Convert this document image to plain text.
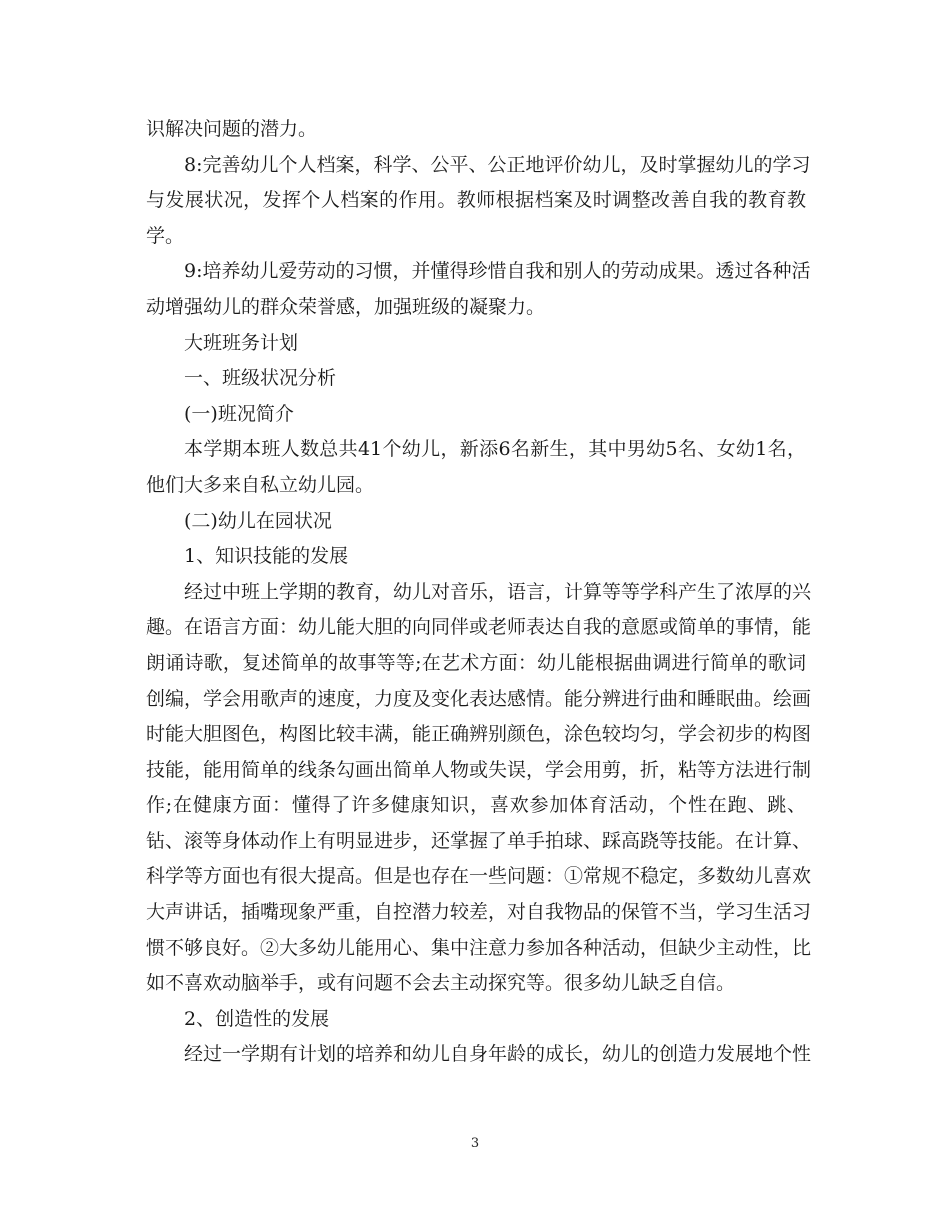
识解决问题的潜力。
8:完善幼儿个人档案，科学、公平、公正地评价幼儿，及时掌握幼儿的学习
与发展状况，发挥个人档案的作用。教师根据档案及时调整改善自我的教育教
学。
9:培养幼儿爱劳动的习惯，并懂得珍惜自我和别人的劳动成果。透过各种活
动增强幼儿的群众荣誉感，加强班级的凝聚力。
大班班务计划
一、班级状况分析
(一)班况简介
本学期本班人数总共41个幼儿，新添6名新生，其中男幼5名、女幼1名，
他们大多来自私立幼儿园。
(二)幼儿在园状况
1、知识技能的发展
经过中班上学期的教育，幼儿对音乐，语言，计算等等学科产生了浓厚的兴
趣。在语言方面：幼儿能大胆的向同伴或老师表达自我的意愿或简单的事情，能
朗诵诗歌，复述简单的故事等等;在艺术方面：幼儿能根据曲调进行简单的歌词
创编，学会用歌声的速度，力度及变化表达感情。能分辨进行曲和睡眠曲。绘画
时能大胆图色，构图比较丰满，能正确辨别颜色，涂色较均匀，学会初步的构图
技能，能用简单的线条勾画出简单人物或失误，学会用剪，折，粘等方法进行制
作;在健康方面：懂得了许多健康知识，喜欢参加体育活动，个性在跑、跳、
钻、滚等身体动作上有明显进步，还掌握了单手拍球、踩高跷等技能。在计算、
科学等方面也有很大提高。但是也存在一些问题：①常规不稳定，多数幼儿喜欢
大声讲话，插嘴现象严重，自控潜力较差，对自我物品的保管不当，学习生活习
惯不够良好。②大多幼儿能用心、集中注意力参加各种活动，但缺少主动性，比
如不喜欢动脑举手，或有问题不会去主动探究等。很多幼儿缺乏自信。
2、创造性的发展
经过一学期有计划的培养和幼儿自身年龄的成长，幼儿的创造力发展地个性
3
